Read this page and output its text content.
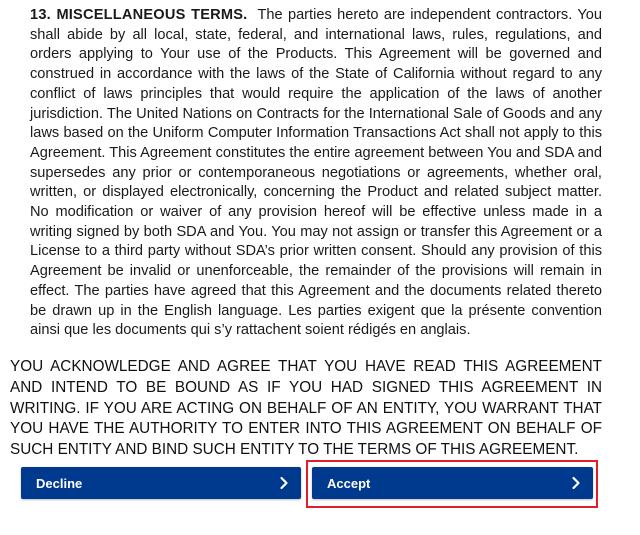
13. MISCELLANEOUS TERMS. The parties hereto are independent contractors. You shall abide by all local, state, federal, and international laws, rules, regulations, and orders applying to Your use of the Products. This Agreement will be governed and construed in accordance with the laws of the State of California without regard to any conflict of laws principles that would require the application of the laws of another jurisdiction. The United Nations on Contracts for the International Sale of Goods and any laws based on the Uniform Computer Information Transactions Act shall not apply to this Agreement. This Agreement constitutes the entire agreement between You and SDA and supersedes any prior or contemporaneous negotiations or agreements, whether oral, written, or displayed electronically, concerning the Product and related subject matter. No modification or waiver of any provision hereof will be effective unless made in a writing signed by both SDA and You. You may not assign or transfer this Agreement or a License to a third party without SDA’s prior written consent. Should any provision of this Agreement be invalid or unenforceable, the remainder of the provisions will remain in effect. The parties have agreed that this Agreement and the documents related thereto be drawn up in the English language. Les parties exigent que la présente convention ainsi que les documents qui s’y rattachent soient rédigés en anglais.

YOU ACKNOWLEDGE AND AGREE THAT YOU HAVE READ THIS AGREEMENT AND INTEND TO BE BOUND AS IF YOU HAD SIGNED THIS AGREEMENT IN WRITING. IF YOU ARE ACTING ON BEHALF OF AN ENTITY, YOU WARRANT THAT YOU HAVE THE AUTHORITY TO ENTER INTO THIS AGREEMENT ON BEHALF OF SUCH ENTITY AND BIND SUCH ENTITY TO THE TERMS OF THIS AGREEMENT.

Decline	Accept
